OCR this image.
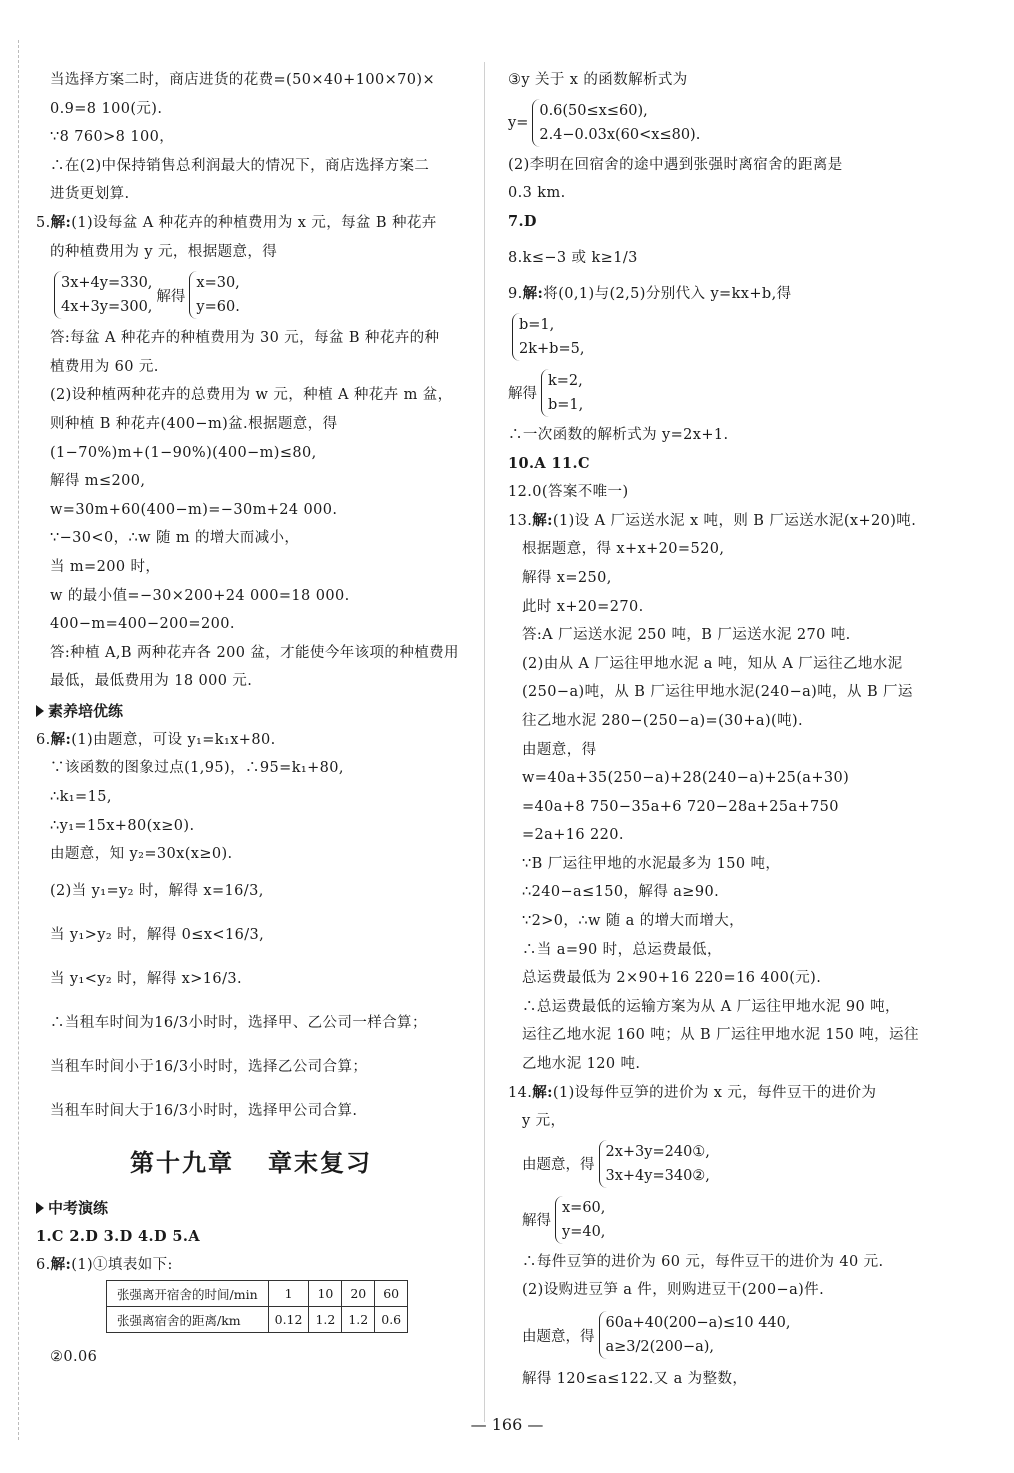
当选择方案二时，商店进货的花费=(50×40+100×70)×
0.9=8 100(元).
∵8 760>8 100，
∴在(2)中保持销售总利润最大的情况下，商店选择方案二
进货更划算.
5.解:(1)设每盆 A 种花卉的种植费用为 x 元，每盆 B 种花卉
的种植费用为 y 元，根据题意，得
3x+4y=330,
4x+3y=300,
解得
x=30,
y=60.
答:每盆 A 种花卉的种植费用为 30 元，每盆 B 种花卉的种
植费用为 60 元.
(2)设种植两种花卉的总费用为 w 元，种植 A 种花卉 m 盆，
则种植 B 种花卉(400−m)盆.根据题意，得
(1−70%)m+(1−90%)(400−m)≤80,
解得 m≤200,
w=30m+60(400−m)=−30m+24 000.
∵−30<0，∴w 随 m 的增大而减小，
当 m=200 时，
w 的最小值=−30×200+24 000=18 000.
400−m=400−200=200.
答:种植 A,B 两种花卉各 200 盆，才能使今年该项的种植费用
最低，最低费用为 18 000 元.
素养培优练
6.解:(1)由题意，可设 y₁=k₁x+80.
∵该函数的图象过点(1,95)，∴95=k₁+80,
∴k₁=15,
∴y₁=15x+80(x≥0).
由题意，知 y₂=30x(x≥0).
(2)当 y₁=y₂ 时，解得 x=16/3,
当 y₁>y₂ 时，解得 0≤x<16/3,
当 y₁<y₂ 时，解得 x>16/3.
∴当租车时间为16/3小时时，选择甲、乙公司一样合算；
当租车时间小于16/3小时时，选择乙公司合算；
当租车时间大于16/3小时时，选择甲公司合算.
第十九章 章末复习
中考演练
1.C 2.D 3.D 4.D 5.A
6.解:(1)①填表如下:
张强离开宿舍的时间/min	1	10	20	60
张强离宿舍的距离/km	0.12	1.2	1.2	0.6
②0.06
③y 关于 x 的函数解析式为
y=
0.6(50≤x≤60),
2.4−0.03x(60<x≤80).
(2)李明在回宿舍的途中遇到张强时离宿舍的距离是
0.3 km.
7.D
8.k≤−3 或 k≥1/3
9.解:将(0,1)与(2,5)分别代入 y=kx+b,得
b=1,
2k+b=5,
解得
k=2,
b=1,
∴一次函数的解析式为 y=2x+1.
10.A 11.C
12.0(答案不唯一)
13.解:(1)设 A 厂运送水泥 x 吨，则 B 厂运送水泥(x+20)吨.
根据题意，得 x+x+20=520,
解得 x=250,
此时 x+20=270.
答:A 厂运送水泥 250 吨，B 厂运送水泥 270 吨.
(2)由从 A 厂运往甲地水泥 a 吨，知从 A 厂运往乙地水泥
(250−a)吨，从 B 厂运往甲地水泥(240−a)吨，从 B 厂运
往乙地水泥 280−(250−a)=(30+a)(吨).
由题意，得
w=40a+35(250−a)+28(240−a)+25(a+30)
=40a+8 750−35a+6 720−28a+25a+750
=2a+16 220.
∵B 厂运往甲地的水泥最多为 150 吨，
∴240−a≤150，解得 a≥90.
∵2>0，∴w 随 a 的增大而增大，
∴当 a=90 时，总运费最低，
总运费最低为 2×90+16 220=16 400(元).
∴总运费最低的运输方案为从 A 厂运往甲地水泥 90 吨，
运往乙地水泥 160 吨；从 B 厂运往甲地水泥 150 吨，运往
乙地水泥 120 吨.
14.解:(1)设每件豆笋的进价为 x 元，每件豆干的进价为
y 元，
由题意，得
2x+3y=240①,
3x+4y=340②,
解得
x=60,
y=40,
∴每件豆笋的进价为 60 元，每件豆干的进价为 40 元.
(2)设购进豆笋 a 件，则购进豆干(200−a)件.
由题意，得
60a+40(200−a)≤10 440,
a≥3/2(200−a),
解得 120≤a≤122.又 a 为整数，
— 166 —
